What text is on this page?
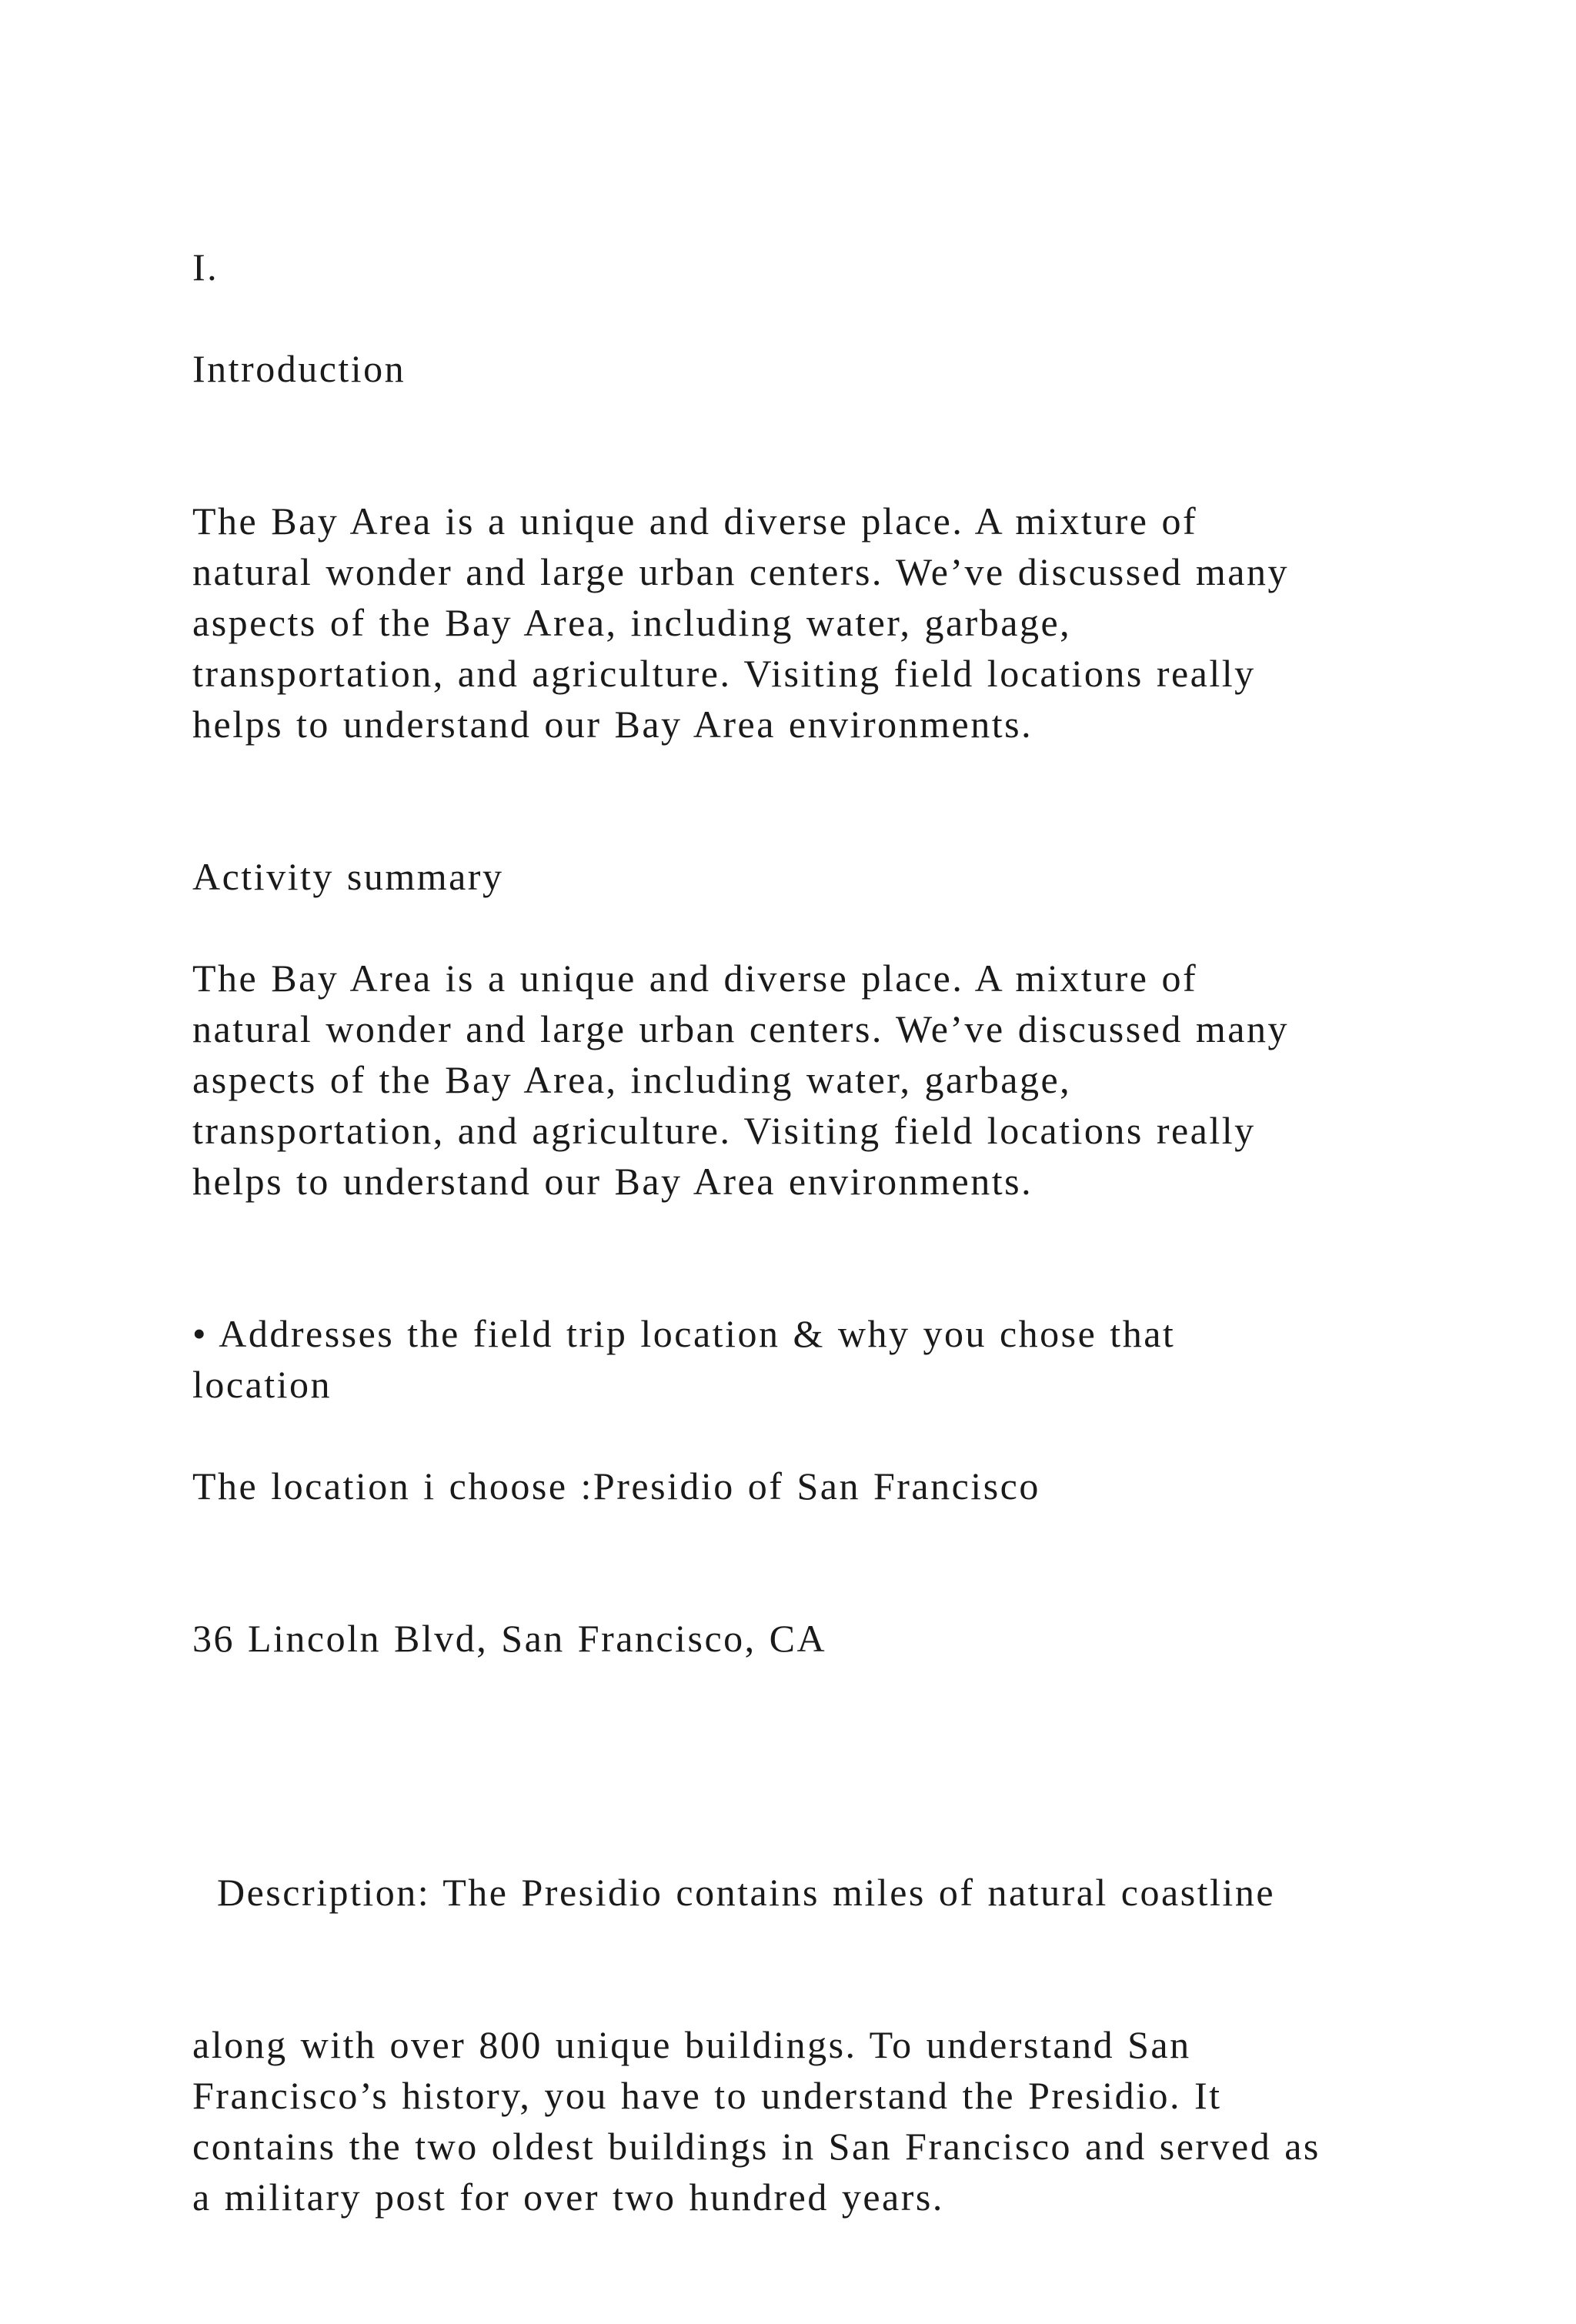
I.

Introduction

The Bay Area is a unique and diverse place. A mixture of
natural wonder and large urban centers. We’ve discussed many
aspects of the Bay Area, including water, garbage,
transportation, and agriculture. Visiting field locations really
helps to understand our Bay Area environments.

Activity summary

The Bay Area is a unique and diverse place. A mixture of
natural wonder and large urban centers. We’ve discussed many
aspects of the Bay Area, including water, garbage,
transportation, and agriculture. Visiting field locations really
helps to understand our Bay Area environments.

• Addresses the field trip location & why you chose that
location

The location i choose :Presidio of San Francisco

36 Lincoln Blvd, San Francisco, CA

Description: The Presidio contains miles of natural coastline

along with over 800 unique buildings. To understand San
Francisco’s history, you have to understand the Presidio. It
contains the two oldest buildings in San Francisco and served as
a military post for over two hundred years.
